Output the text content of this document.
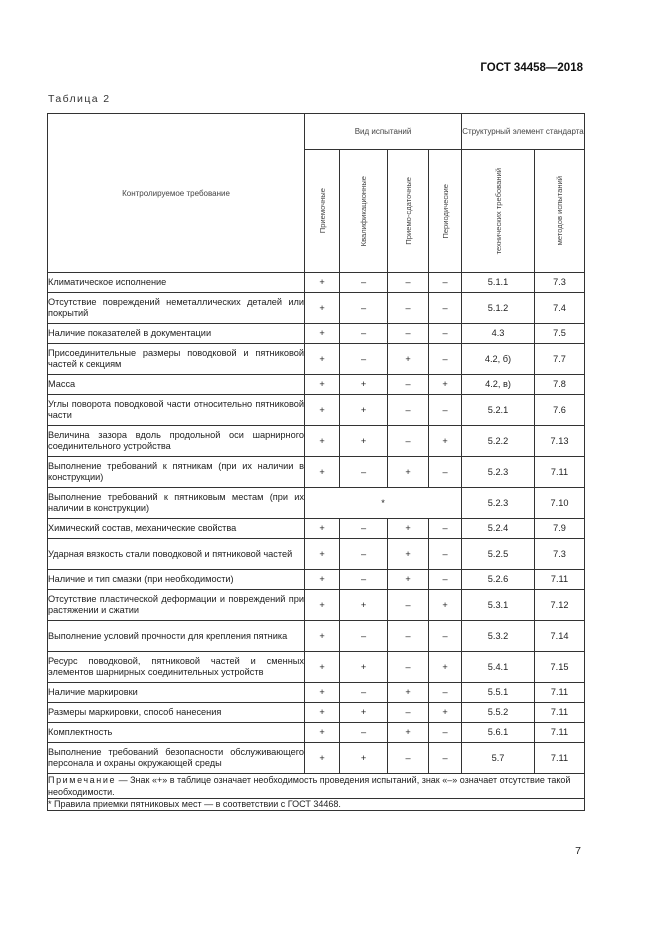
ГОСТ 34458—2018
Таблица 2
Контролируемое требование	Вид испытаний				Структурный элемент стандарта	

	Приемочные	Квалификационные	Приемо-сдаточные	Периодические	технических требований	методов испытаний

Климатическое исполнение	+	–	–	–	5.1.1	7.3
Отсутствие повреждений неметаллических деталей или покрытий	+	–	–	–	5.1.2	7.4
Наличие показателей в документации	+	–	–	–	4.3	7.5
Присоединительные размеры поводковой и пятниковой частей к секциям	+	–	+	–	4.2, б)	7.7
Масса	+	+	–	+	4.2, в)	7.8
Углы поворота поводковой части относительно пятниковой части	+	+	–	–	5.2.1	7.6
Величина зазора вдоль продольной оси шарнирного соединительного устройства	+	+	–	+	5.2.2	7.13
Выполнение требований к пятникам (при их наличии в конструкции)	+	–	+	–	5.2.3	7.11
Выполнение требований к пятниковым местам (при их наличии в конструкции)	*				5.2.3	7.10
Химический состав, механические свойства	+	–	+	–	5.2.4	7.9
Ударная вязкость стали поводковой и пятниковой частей	+	–	+	–	5.2.5	7.3
Наличие и тип смазки (при необходимости)	+	–	+	–	5.2.6	7.11
Отсутствие пластической деформации и повреждений при растяжении и сжатии	+	+	–	+	5.3.1	7.12
Выполнение условий прочности для крепления пятника	+	–	–	–	5.3.2	7.14
Ресурс поводковой, пятниковой частей и сменных элементов шарнирных соединительных устройств	+	+	–	+	5.4.1	7.15
Наличие маркировки	+	–	+	–	5.5.1	7.11
Размеры маркировки, способ нанесения	+	+	–	+	5.5.2	7.11
Комплектность	+	–	+	–	5.6.1	7.11
Выполнение требований безопасности обслуживающего персонала и охраны окружающей среды	+	+	–	–	5.7	7.11
Примечание — Знак «+» в таблице означает необходимость проведения испытаний, знак «–» означает отсутствие такой необходимости.						
* Правила приемки пятниковых мест — в соответствии с ГОСТ 34468.						
7
